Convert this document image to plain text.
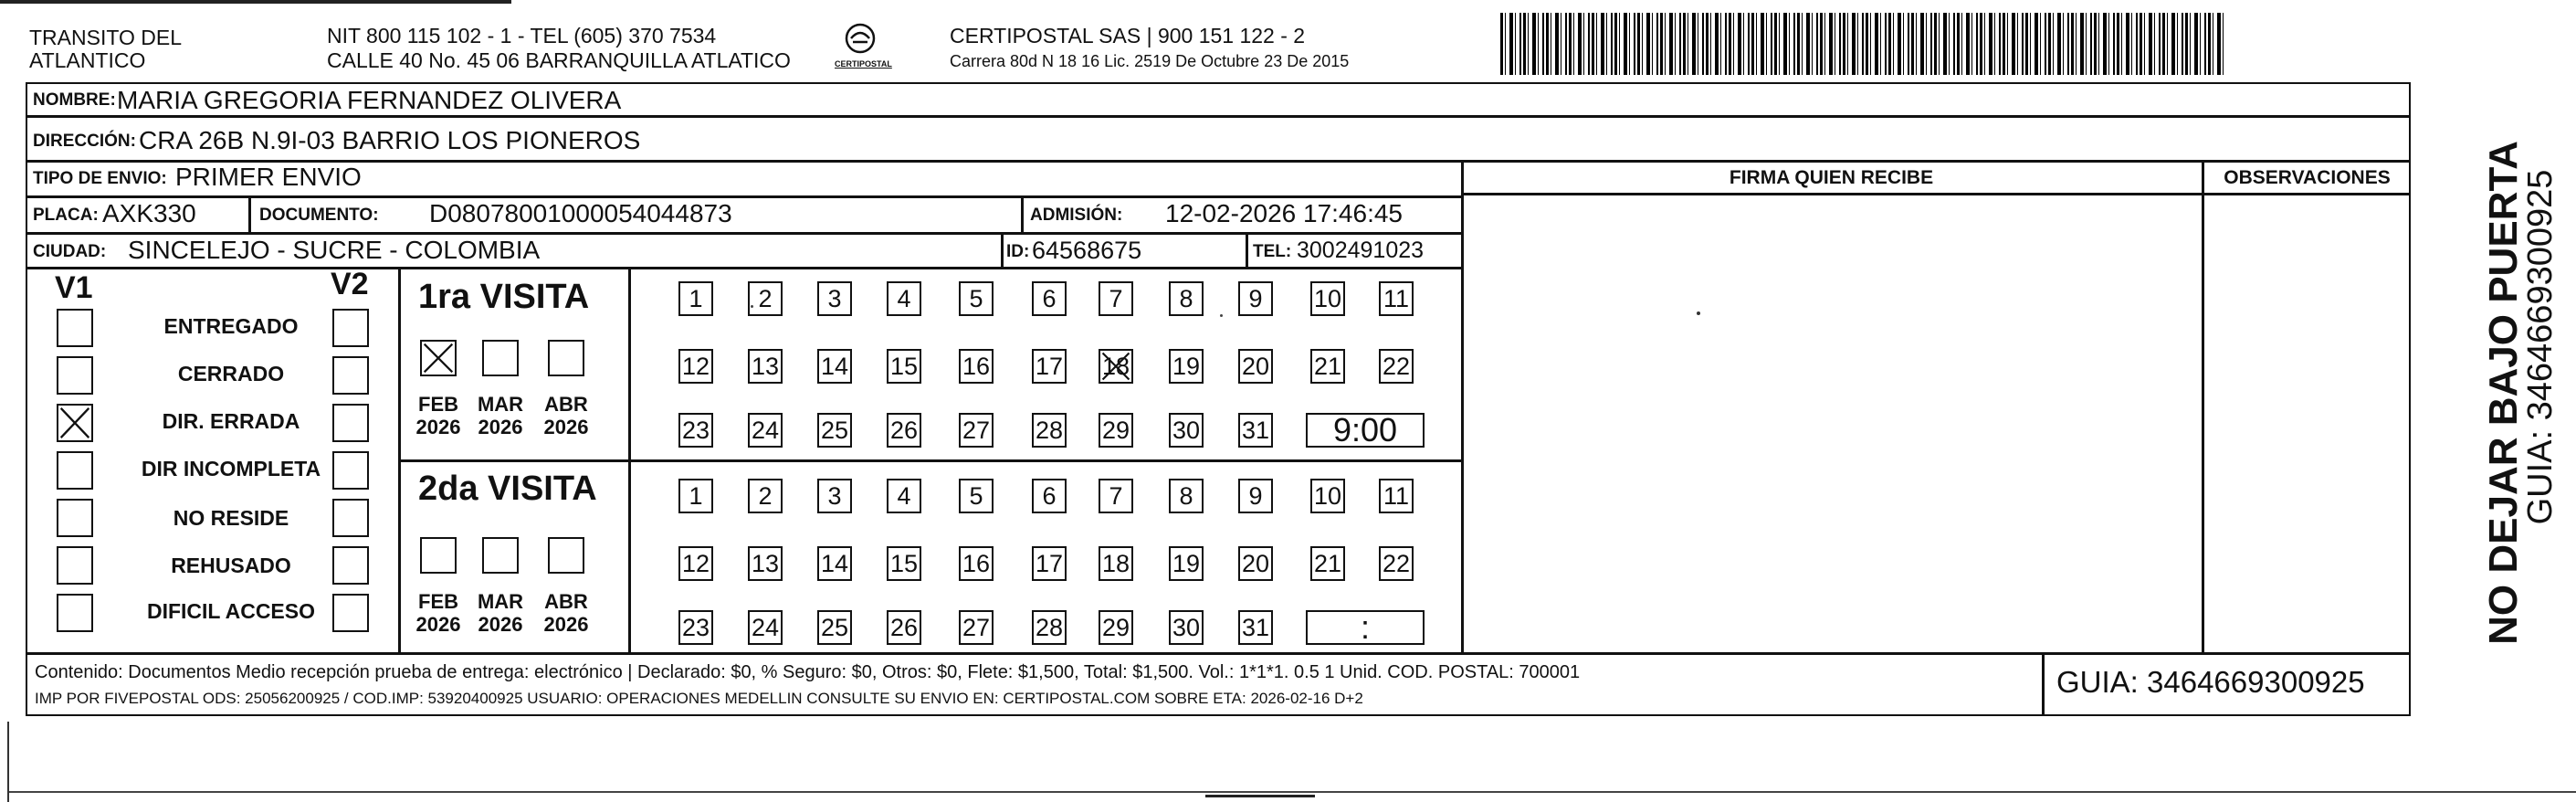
TRANSITO DEL
ATLANTICO
NIT 800 115 102 - 1 - TEL (605) 370 7534
CALLE 40 No. 45 06 BARRANQUILLA ATLATICO	CERTIPOSTAL
CERTIPOSTAL SAS | 900 151 122 - 2
Carrera 80d N 18 16 Lic. 2519 De Octubre 23 De 2015
NOMBRE: MARIA GREGORIA FERNANDEZ OLIVERA
DIRECCIÓN: CRA 26B N.9I-03 BARRIO LOS PIONEROS
TIPO DE ENVIO: PRIMER ENVIO	FIRMA QUIEN RECIBE	OBSERVACIONES
PLACA: AXK330	DOCUMENTO: D08078001000054044873	ADMISIÓN: 12-02-2026 17:46:45
CIUDAD: SINCELEJO - SUCRE - COLOMBIA	ID: 64568675	TEL: 3002491023
V1	V2
ENTREGADO
CERRADO
DIR. ERRADA
DIR INCOMPLETA
NO RESIDE
REHUSADO
DIFICIL ACCESO
1ra VISITA
2da VISITA
FEB
2026
MAR
2026
ABR
2026
FEB
2026
MAR
2026
ABR
2026
1	2	3	4	5	6	7	8	9	10 11
12 13 14 15 16 17 18 19 20 21 22
23 24 25 26 27 28 29 30 31	9:00
1	2	3	4	5	6	7	8	9	10 11
12 13 14 15 16 17 18 19 20 21 22
23 24 25 26 27 28 29 30 31	:
Contenido: Documentos Medio recepción prueba de entrega: electrónico | Declarado: $0, % Seguro: $0, Otros: $0, Flete: $1,500, Total: $1,500. Vol.: 1*1*1. 0.5 1 Unid. COD. POSTAL: 700001
IMP POR FIVEPOSTAL ODS: 25056200925 / COD.IMP: 53920400925 USUARIO: OPERACIONES MEDELLIN CONSULTE SU ENVIO EN: CERTIPOSTAL.COM SOBRE ETA: 2026-02-16 D+2	GUIA: 3464669300925
NO DEJAR BAJO PUERTA
GUIA: 3464669300925
